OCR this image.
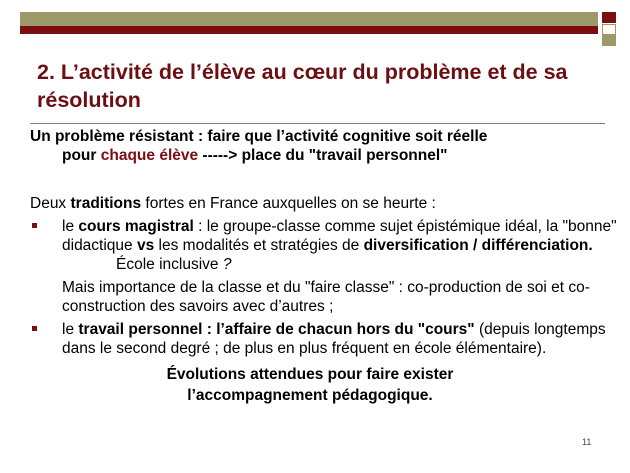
2. L’activité de l’élève au cœur du problème et de sa résolution
Un problème résistant : faire que l’activité cognitive soit réelle
pour chaque élève -----> place du "travail personnel"

Deux traditions fortes en France auxquelles on se heurte :

le cours magistral : le groupe-classe comme sujet épistémique idéal, la "bonne" didactique vs les modalités et stratégies de diversification / différenciation.École inclusive ?
Mais importance de la classe et du "faire classe" : co-production de soi et co-construction des savoirs avec d’autres ;
le travail personnel : l’affaire de chacun hors du "cours" (depuis longtemps dans le second degré ; de plus en plus fréquent en école élémentaire).
Évolutions attendues pour faire exister
l’accompagnement pédagogique.
11
